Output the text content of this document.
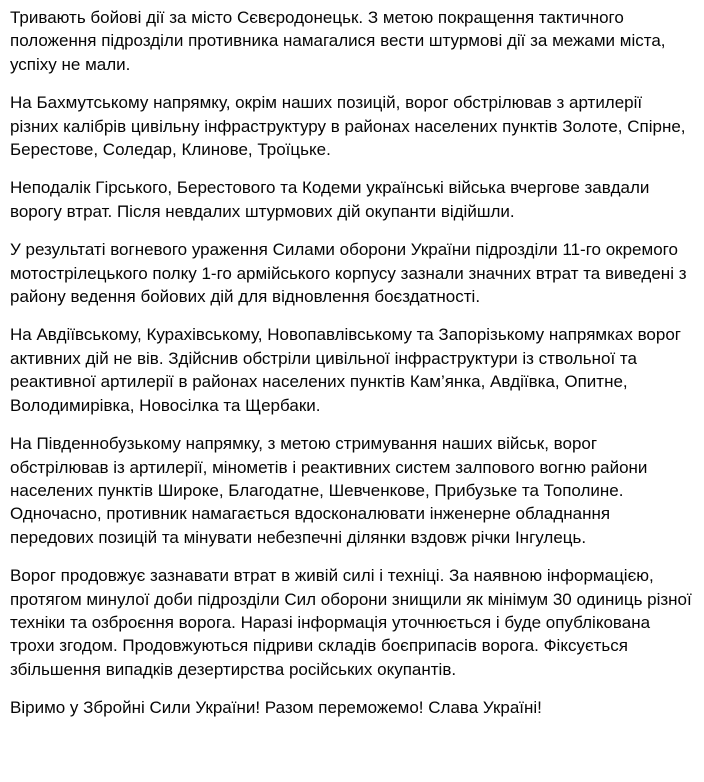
Тривають бойові дії за місто Сєвєродонецьк. З метою покращення тактичного положення підрозділи противника намагалися вести штурмові дії за межами міста, успіху не мали.

На Бахмутському напрямку, окрім наших позицій, ворог обстрілював з артилерії різних калібрів цивільну інфраструктуру в районах населених пунктів Золоте, Спірне, Берестове, Соледар, Клинове, Троїцьке.

Неподалік Гірського, Берестового та Кодеми українські війська вчергове завдали ворогу втрат. Після невдалих штурмових дій окупанти відійшли.

У результаті вогневого ураження Силами оборони України підрозділи 11-го окремого мотострілецького полку 1-го армійського корпусу зазнали значних втрат та виведені з району ведення бойових дій для відновлення боєздатності.

На Авдіївському, Курахівському, Новопавлівському та Запорізькому напрямках ворог активних дій не вів. Здійснив обстріли цивільної інфраструктури із ствольної та реактивної артилерії в районах населених пунктів Кам’янка, Авдіївка, Опитне, Володимирівка, Новосілка та Щербаки.

На Південнобузькому напрямку, з метою стримування наших військ, ворог обстрілював із артилерії, мінометів і реактивних систем залпового вогню райони населених пунктів Широке, Благодатне, Шевченкове, Прибузьке та Тополине. Одночасно, противник намагається вдосконалювати інженерне обладнання передових позицій та мінувати небезпечні ділянки вздовж річки Інгулець.

Ворог продовжує зазнавати втрат в живій силі і техніці. За наявною інформацією, протягом минулої доби підрозділи Сил оборони знищили як мінімум 30 одиниць різної техніки та озброєння ворога. Наразі інформація уточнюється і буде опублікована трохи згодом. Продовжуються підриви складів боєприпасів ворога. Фіксується збільшення випадків дезертирства російських окупантів.

Віримо у Збройні Сили України! Разом переможемо! Слава Україні!
